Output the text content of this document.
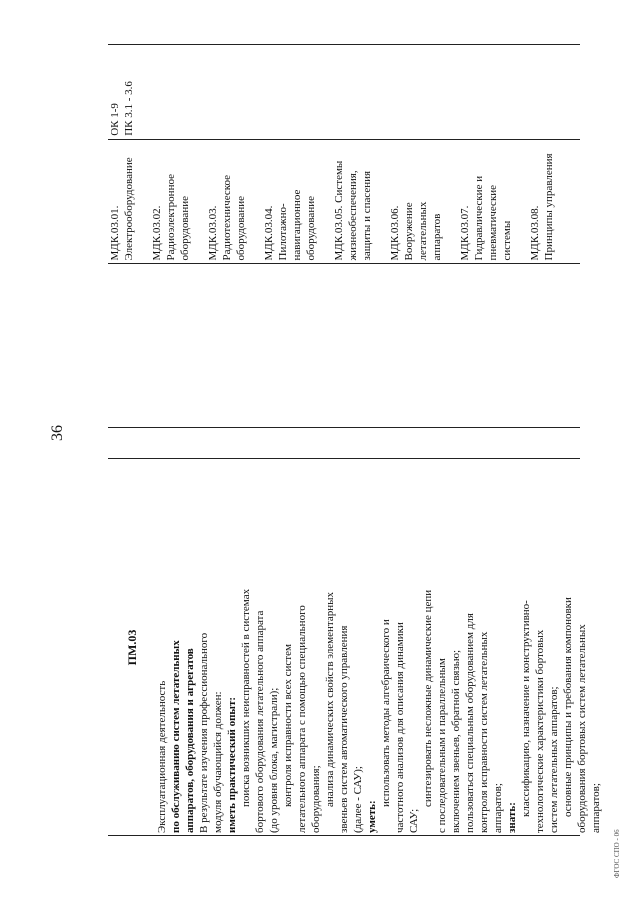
36
ФГОС СПО - 06
ПМ.03
Эксплуатационная деятельность по обслуживанию систем летательных аппаратов, оборудования и агрегатов В результате изучения профессионального модуля обучающийся должен: иметь практический опыт: поиска возникших неисправностей в системах бортового оборудования летательного аппарата (до уровня блока, магистрали); контроля исправности всех систем летательного аппарата с помощью специального оборудования; анализа динамических свойств элементарных звеньев систем автоматического управления (далее - САУ); уметь:
использовать методы алгебраического и частотного анализов для описания динамики САУ;
синтезировать несложные динамические цепи с последовательным и параллельным включением звеньев, обратной связью; пользоваться специальным оборудованием для контроля исправности систем летательных аппаратов; знать:
классификацию, назначение и конструктивно- технологические характеристики бортовых систем летательных аппаратов; основные принципы и требования компоновки оборудования бортовых систем летательных аппаратов;
МДК.03.01. Электрооборудование МДК.03.02. Радиоэлектронное оборудование МДК.03.03. Радиотехническое оборудование МДК.03.04. Пилотажно- навигационное оборудование МДК.03.05. Системы жизнеобеспечения, защиты и спасения МДК.03.06. Вооружение летательных аппаратов МДК.03.07. Гидравлические и пневматические системы МДК.03.08. Принципы управления
ОК 1-9 ПК 3.1 - 3.6
